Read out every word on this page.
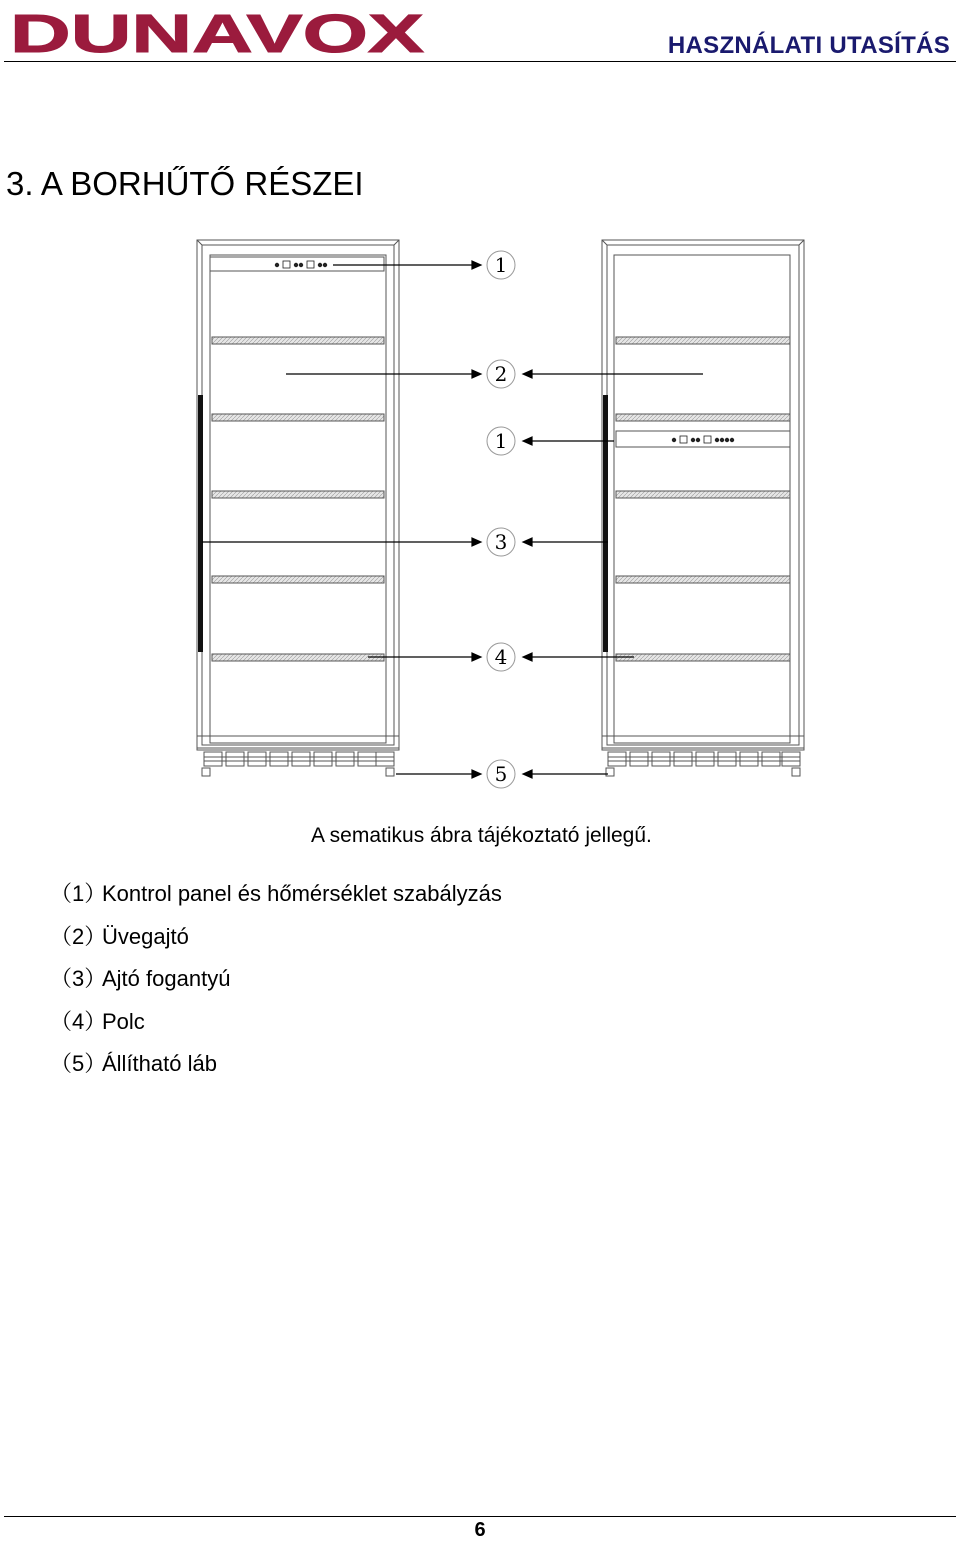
DUNAVOX	HASZNÁLATI UTASÍTÁS
3. A BORHŰTŐ RÉSZEI
1
2
1
3
4
5
A sematikus ábra tájékoztató jellegű.
（1）
Kontrol panel és hőmérséklet szabályzás
（2）
Üvegajtó
（3）
Ajtó fogantyú
（4）
Polc
（5）
Állítható láb
6
